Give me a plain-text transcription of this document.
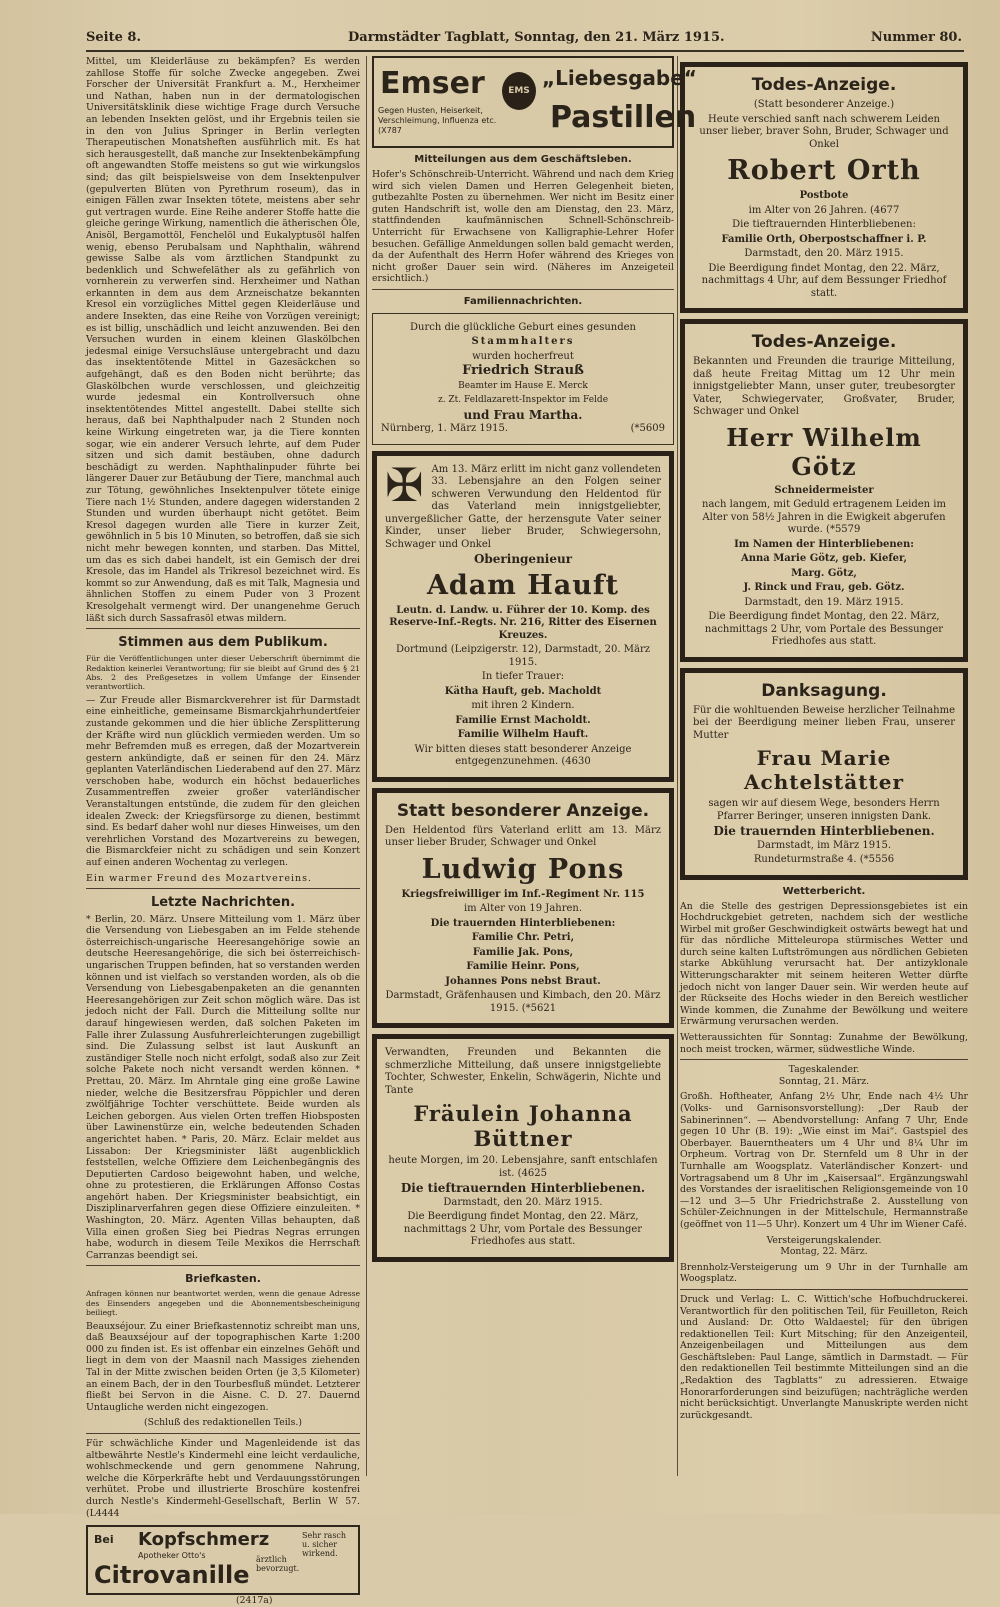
Seite 8.	Darmstädter Tagblatt, Sonntag, den 21. März 1915.	Nummer 80.

Mittel, um Kleiderläuse zu bekämpfen? Es werden zahllose Stoffe für solche Zwecke angegeben. Zwei Forscher der Universität Frankfurt a. M., Herxheimer und Nathan, haben nun in der dermatologischen Universitätsklinik diese wichtige Frage durch Versuche an lebenden Insekten gelöst, und ihr Ergebnis teilen sie in den von Julius Springer in Berlin verlegten Therapeutischen Monatsheften ausführlich mit. Es hat sich herausgestellt, daß manche zur Insektenbekämpfung oft angewandten Stoffe meistens so gut wie wirkungslos sind; das gilt beispielsweise von dem Insektenpulver (gepulverten Blüten von Pyrethrum roseum), das in einigen Fällen zwar Insekten tötete, meistens aber sehr gut vertragen wurde. Eine Reihe anderer Stoffe hatte die gleiche geringe Wirkung, namentlich die ätherischen Öle, Anisöl, Bergamottöl, Fenchelöl und Eukalyptusöl halfen wenig, ebenso Perubalsam und Naphthalin, während gewisse Salbe als vom ärztlichen Standpunkt zu bedenklich und Schwefeläther als zu gefährlich von vornherein zu verwerfen sind. Herxheimer und Nathan erkannten in dem aus dem Arzneischatze bekannten Kresol ein vorzügliches Mittel gegen Kleiderläuse und andere Insekten, das eine Reihe von Vorzügen vereinigt; es ist billig, unschädlich und leicht anzuwenden. Bei den Versuchen wurden in einem kleinen Glaskölbchen jedesmal einige Versuchsläuse untergebracht und dazu das insektentötende Mittel in Gazesäckchen so aufgehängt, daß es den Boden nicht berührte; das Glaskölbchen wurde verschlossen, und gleichzeitig wurde jedesmal ein Kontrollversuch ohne insektentötendes Mittel angestellt. Dabei stellte sich heraus, daß bei Naphthalpuder nach 2 Stunden noch keine Wirkung eingetreten war, ja die Tiere konnten sogar, wie ein anderer Versuch lehrte, auf dem Puder sitzen und sich damit bestäuben, ohne dadurch beschädigt zu werden. Naphthalinpuder führte bei längerer Dauer zur Betäubung der Tiere, manchmal auch zur Tötung, gewöhnliches Insektenpulver tötete einige Tiere nach 1½ Stunden, andere dagegen widerstanden 2 Stunden und wurden überhaupt nicht getötet. Beim Kresol dagegen wurden alle Tiere in kurzer Zeit, gewöhnlich in 5 bis 10 Minuten, so betroffen, daß sie sich nicht mehr bewegen konnten, und starben. Das Mittel, um das es sich dabei handelt, ist ein Gemisch der drei Kresole, das im Handel als Trikresol bezeichnet wird. Es kommt so zur Anwendung, daß es mit Talk, Magnesia und ähnlichen Stoffen zu einem Puder von 3 Prozent Kresolgehalt vermengt wird. Der unangenehme Geruch läßt sich durch Sassafrasöl etwas mildern.

Stimmen aus dem Publikum.

Für die Veröffentlichungen unter dieser Ueberschrift übernimmt die Redaktion keinerlei Verantwortung; für sie bleibt auf Grund des § 21 Abs. 2 des Preßgesetzes in vollem Umfange der Einsender verantwortlich.

— Zur Freude aller Bismarckverehrer ist für Darmstadt eine einheitliche, gemeinsame Bismarckjahrhundertfeier zustande gekommen und die hier übliche Zersplitterung der Kräfte wird nun glücklich vermieden werden. Um so mehr Befremden muß es erregen, daß der Mozartverein gestern ankündigte, daß er seinen für den 24. März geplanten Vaterländischen Liederabend auf den 27. März verschoben habe, wodurch ein höchst bedauerliches Zusammentreffen zweier großer vaterländischer Veranstaltungen entstünde, die zudem für den gleichen idealen Zweck: der Kriegsfürsorge zu dienen, bestimmt sind. Es bedarf daher wohl nur dieses Hinweises, um den verehrlichen Vorstand des Mozartvereins zu bewegen, die Bismarckfeier nicht zu schädigen und sein Konzert auf einen anderen Wochentag zu verlegen.

Ein warmer Freund des Mozartvereins.
Letzte Nachrichten.

* Berlin, 20. März. Unsere Mitteilung vom 1. März über die Versendung von Liebesgaben an im Felde stehende österreichisch-ungarische Heeresangehörige sowie an deutsche Heeresangehörige, die sich bei österreichisch-ungarischen Truppen befinden, hat so verstanden werden können und ist vielfach so verstanden worden, als ob die Versendung von Liebesgabenpaketen an die genannten Heeresangehörigen zur Zeit schon möglich wäre. Das ist jedoch nicht der Fall. Durch die Mitteilung sollte nur darauf hingewiesen werden, daß solchen Paketen im Falle ihrer Zulassung Ausfuhrerleichterungen zugebilligt sind. Die Zulassung selbst ist laut Auskunft an zuständiger Stelle noch nicht erfolgt, sodaß also zur Zeit solche Pakete noch nicht versandt werden können. * Prettau, 20. März. Im Ahrntale ging eine große Lawine nieder, welche die Besitzersfrau Pöppichler und deren zwölfjährige Tochter verschüttete. Beide wurden als Leichen geborgen. Aus vielen Orten treffen Hiobsposten über Lawinenstürze ein, welche bedeutenden Schaden angerichtet haben. * Paris, 20. März. Eclair meldet aus Lissabon: Der Kriegsminister läßt augenblicklich feststellen, welche Offiziere dem Leichenbegängnis des Deputierten Cardoso beigewohnt haben, und welche, ohne zu protestieren, die Erklärungen Affonso Costas angehört haben. Der Kriegsminister beabsichtigt, ein Disziplinarverfahren gegen diese Offiziere einzuleiten. * Washington, 20. März. Agenten Villas behaupten, daß Villa einen großen Sieg bei Piedras Negras errungen habe, wodurch in diesem Teile Mexikos die Herrschaft Carranzas beendigt sei.

Briefkasten.

Anfragen können nur beantwortet werden, wenn die genaue Adresse des Einsenders angegeben und die Abonnementsbescheinigung beiliegt.

Beauxséjour. Zu einer Briefkastennotiz schreibt man uns, daß Beauxséjour auf der topographischen Karte 1:200 000 zu finden ist. Es ist offenbar ein einzelnes Gehöft und liegt in dem von der Maasnil nach Massiges ziehenden Tal in der Mitte zwischen beiden Orten (je 3,5 Kilometer) an einem Bach, der in den Tourbesfluß mündet. Letzterer fließt bei Servon in die Aisne. C. D. 27. Dauernd Untaugliche werden nicht eingezogen.

(Schluß des redaktionellen Teils.)

Für schwächliche Kinder und Magenleidende ist das altbewährte Nestle's Kindermehl eine leicht verdauliche, wohlschmeckende und gern genommene Nahrung, welche die Körperkräfte hebt und Verdauungsstörungen verhütet. Probe und illustrierte Broschüre kostenfrei durch Nestle's Kindermehl-Gesellschaft, Berlin W 57. (L4444

Bei Kopfschmerz
Apotheker Otto's
Citrovanille
ärztlich bevorzugt.
Sehr rasch u. sicher wirkend.
(2417a)
Emser	EMS
„Liebesgabe“
Pastillen
Gegen Husten, Heiserkeit, Verschleimung, Influenza etc. (X787
Mitteilungen aus dem Geschäftsleben.

Hofer's Schönschreib-Unterricht. Während und nach dem Krieg wird sich vielen Damen und Herren Gelegenheit bieten, gutbezahlte Posten zu übernehmen. Wer nicht im Besitz einer guten Handschrift ist, wolle den am Dienstag, den 23. März, stattfindenden kaufmännischen Schnell-Schönschreib-Unterricht für Erwachsene von Kalligraphie-Lehrer Hofer besuchen. Gefällige Anmeldungen sollen bald gemacht werden, da der Aufenthalt des Herrn Hofer während des Krieges von nicht großer Dauer sein wird. (Näheres im Anzeigeteil ersichtlich.)

Familiennachrichten.
Durch die glückliche Geburt eines gesunden
Stammhalters
wurden hocherfreut
Friedrich Strauß
Beamter im Hause E. Merck
z. Zt. Feldlazarett-Inspektor im Felde
und Frau Martha.
Nürnberg, 1. März 1915.	(*5609
✠ Am 13. März erlitt im nicht ganz vollendeten 33. Lebensjahre an den Folgen seiner schweren Verwundung den Heldentod für das Vaterland mein innigstgeliebter, unvergeßlicher Gatte, der herzensgute Vater seiner Kinder, unser lieber Bruder, Schwiegersohn, Schwager und Onkel
Oberingenieur
Adam Hauft
Leutn. d. Landw. u. Führer der 10. Komp. des Reserve-Inf.-Regts. Nr. 216, Ritter des Eisernen Kreuzes.
Dortmund (Leipzigerstr. 12), Darmstadt, 20. März 1915.
In tiefer Trauer:
Kätha Hauft, geb. Macholdt
mit ihren 2 Kindern.
Familie Ernst Macholdt.
Familie Wilhelm Hauft.
Wir bitten dieses statt besonderer Anzeige entgegenzunehmen. (4630
Statt besonderer Anzeige.
Den Heldentod fürs Vaterland erlitt am 13. März unser lieber Bruder, Schwager und Onkel
Ludwig Pons
Kriegsfreiwilliger im Inf.-Regiment Nr. 115
im Alter von 19 Jahren.
Die trauernden Hinterbliebenen:
Familie Chr. Petri,
Familie Jak. Pons,
Familie Heinr. Pons,
Johannes Pons nebst Braut.
Darmstadt, Gräfenhausen und Kimbach, den 20. März 1915. (*5621
Verwandten, Freunden und Bekannten die schmerzliche Mitteilung, daß unsere innigstgeliebte Tochter, Schwester, Enkelin, Schwägerin, Nichte und Tante
Fräulein Johanna Büttner
heute Morgen, im 20. Lebensjahre, sanft entschlafen ist. (4625
Die tieftrauernden Hinterbliebenen.
Darmstadt, den 20. März 1915.
Die Beerdigung findet Montag, den 22. März, nachmittags 2 Uhr, vom Portale des Bessunger Friedhofes aus statt.
Todes-Anzeige.
(Statt besonderer Anzeige.)
Heute verschied sanft nach schwerem Leiden unser lieber, braver Sohn, Bruder, Schwager und Onkel
Robert Orth
Postbote
im Alter von 26 Jahren. (4677
Die tieftrauernden Hinterbliebenen:
Familie Orth, Oberpostschaffner i. P.
Darmstadt, den 20. März 1915.
Die Beerdigung findet Montag, den 22. März, nachmittags 4 Uhr, auf dem Bessunger Friedhof statt.
Todes-Anzeige.
Bekannten und Freunden die traurige Mitteilung, daß heute Freitag Mittag um 12 Uhr mein innigstgeliebter Mann, unser guter, treubesorgter Vater, Schwiegervater, Großvater, Bruder, Schwager und Onkel
Herr Wilhelm Götz
Schneidermeister
nach langem, mit Geduld ertragenem Leiden im Alter von 58½ Jahren in die Ewigkeit abgerufen wurde. (*5579
Im Namen der Hinterbliebenen:
Anna Marie Götz, geb. Kiefer,
Marg. Götz,
J. Rinck und Frau, geb. Götz.
Darmstadt, den 19. März 1915.
Die Beerdigung findet Montag, den 22. März, nachmittags 2 Uhr, vom Portale des Bessunger Friedhofes aus statt.
Danksagung.
Für die wohltuenden Beweise herzlicher Teilnahme bei der Beerdigung meiner lieben Frau, unserer Mutter
Frau Marie Achtelstätter
sagen wir auf diesem Wege, besonders Herrn Pfarrer Beringer, unseren innigsten Dank.
Die trauernden Hinterbliebenen.
Darmstadt, im März 1915.
Rundeturmstraße 4. (*5556
Wetterbericht.

An die Stelle des gestrigen Depressionsgebietes ist ein Hochdruckgebiet getreten, nachdem sich der westliche Wirbel mit großer Geschwindigkeit ostwärts bewegt hat und für das nördliche Mitteleuropa stürmisches Wetter und durch seine kalten Luftströmungen aus nördlichen Gebieten starke Abkühlung verursacht hat. Der antizyklonale Witterungscharakter mit seinem heiteren Wetter dürfte jedoch nicht von langer Dauer sein. Wir werden heute auf der Rückseite des Hochs wieder in den Bereich westlicher Winde kommen, die Zunahme der Bewölkung und weitere Erwärmung verursachen werden.

Wetteraussichten für Sonntag: Zunahme der Bewölkung, noch meist trocken, wärmer, südwestliche Winde.

Tageskalender.
Sonntag, 21. März.

Großh. Hoftheater, Anfang 2½ Uhr, Ende nach 4½ Uhr (Volks- und Garnisonsvorstellung): „Der Raub der Sabinerinnen“. — Abendvorstellung: Anfang 7 Uhr, Ende gegen 10 Uhr (B. 19): „Wie einst im Mai“. Gastspiel des Oberbayer. Bauerntheaters um 4 Uhr und 8¼ Uhr im Orpheum. Vortrag von Dr. Sternfeld um 8 Uhr in der Turnhalle am Woogsplatz. Vaterländischer Konzert- und Vortragsabend um 8 Uhr im „Kaisersaal“. Ergänzungswahl des Vorstandes der israelitischen Religionsgemeinde von 10—12 und 3—5 Uhr Friedrichstraße 2. Ausstellung von Schüler-Zeichnungen in der Mittelschule, Hermannstraße (geöffnet von 11—5 Uhr). Konzert um 4 Uhr im Wiener Café.

Versteigerungskalender.
Montag, 22. März.

Brennholz-Versteigerung um 9 Uhr in der Turnhalle am Woogsplatz.

Druck und Verlag: L. C. Wittich'sche Hofbuchdruckerei. Verantwortlich für den politischen Teil, für Feuilleton, Reich und Ausland: Dr. Otto Waldaestel; für den übrigen redaktionellen Teil: Kurt Mitsching; für den Anzeigenteil, Anzeigenbeilagen und Mitteilungen aus dem Geschäftsleben: Paul Lange, sämtlich in Darmstadt. — Für den redaktionellen Teil bestimmte Mitteilungen sind an die „Redaktion des Tagblatts“ zu adressieren. Etwaige Honorarforderungen sind beizufügen; nachträgliche werden nicht berücksichtigt. Unverlangte Manuskripte werden nicht zurückgesandt.
